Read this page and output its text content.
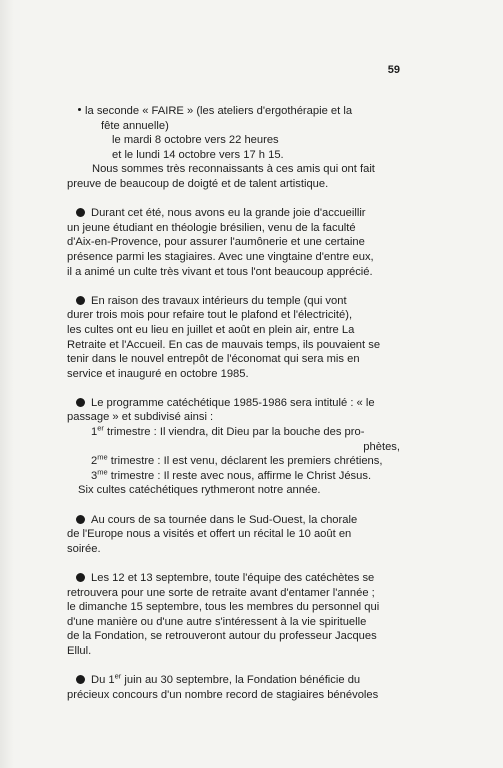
59
la seconde « FAIRE » (les ateliers d'ergothérapie et la
fête annuelle)
le mardi 8 octobre vers 22 heures
et le lundi 14 octobre vers 17 h 15.
Nous sommes très reconnaissants à ces amis qui ont fait
preuve de beaucoup de doigté et de talent artistique.
Durant cet été, nous avons eu la grande joie d'accueillir
un jeune étudiant en théologie brésilien, venu de la faculté
d'Aix-en-Provence, pour assurer l'aumônerie et une certaine
présence parmi les stagiaires. Avec une vingtaine d'entre eux,
il a animé un culte très vivant et tous l'ont beaucoup apprécié.
En raison des travaux intérieurs du temple (qui vont
durer trois mois pour refaire tout le plafond et l'électricité),
les cultes ont eu lieu en juillet et août en plein air, entre La
Retraite et l'Accueil. En cas de mauvais temps, ils pouvaient se
tenir dans le nouvel entrepôt de l'économat qui sera mis en
service et inauguré en octobre 1985.
Le programme catéchétique 1985-1986 sera intitulé : « le
passage » et subdivisé ainsi :
1er trimestre : Il viendra, dit Dieu par la bouche des pro-
phètes,
$2^{me}$ trimestre : Il est venu, déclarent les premiers chrétiens,
$3^{me}$ trimestre : Il reste avec nous, affirme le Christ Jésus.
Six cultes catéchétiques rythmeront notre année.
Au cours de sa tournée dans le Sud-Ouest, la chorale
de l'Europe nous a visités et offert un récital le 10 août en
soirée.
Les 12 et 13 septembre, toute l'équipe des catéchètes se
retrouvera pour une sorte de retraite avant d'entamer l'année ;
le dimanche 15 septembre, tous les membres du personnel qui
d'une manière ou d'une autre s'intéressent à la vie spirituelle
de la Fondation, se retrouveront autour du professeur Jacques
Ellul.
Du 1er juin au 30 septembre, la Fondation bénéficie du
précieux concours d'un nombre record de stagiaires bénévoles
